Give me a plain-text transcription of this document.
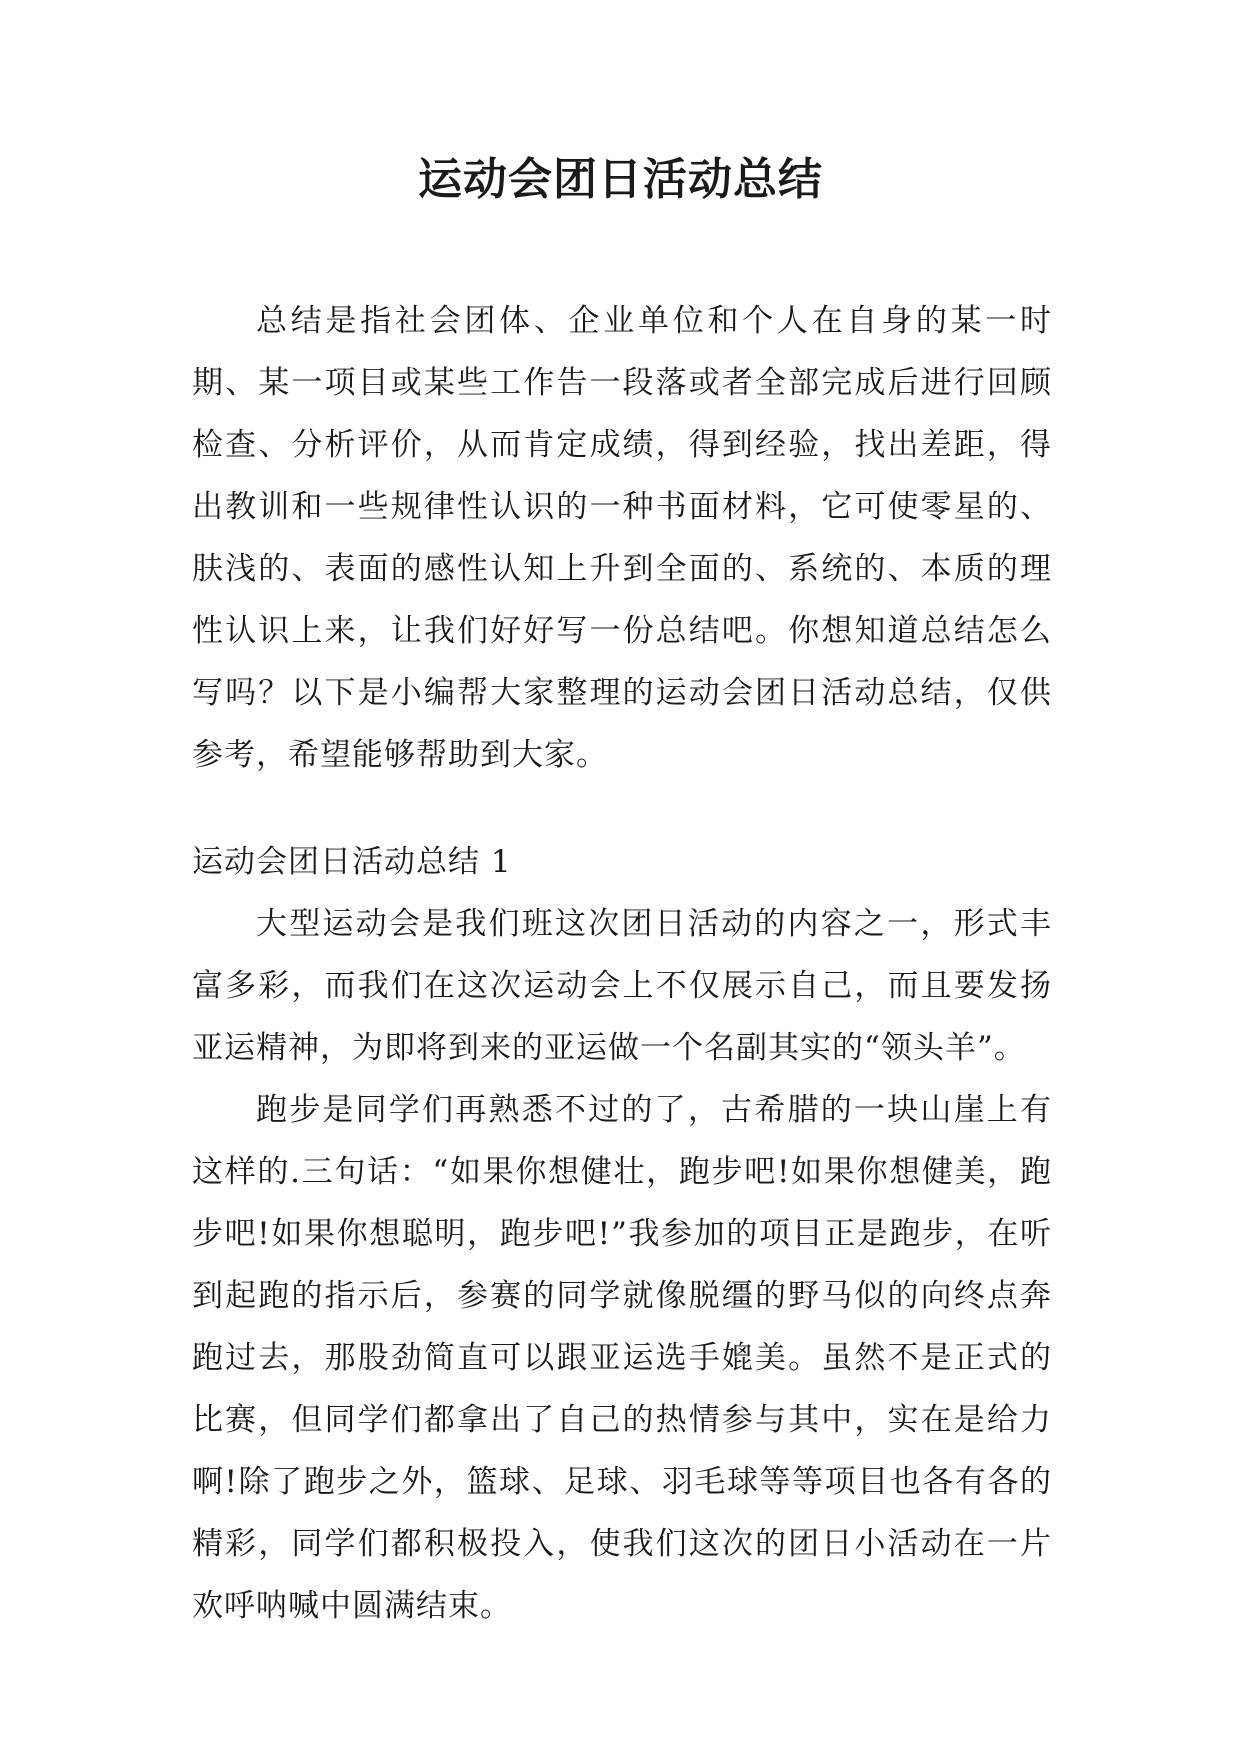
运动会团日活动总结

总结是指社会团体、企业单位和个人在自身的某一时期、某一项目或某些工作告一段落或者全部完成后进行回顾检查、分析评价，从而肯定成绩，得到经验，找出差距，得出教训和一些规律性认识的一种书面材料，它可使零星的、肤浅的、表面的感性认知上升到全面的、系统的、本质的理性认识上来，让我们好好写一份总结吧。你想知道总结怎么写吗？以下是小编帮大家整理的运动会团日活动总结，仅供参考，希望能够帮助到大家。

运动会团日活动总结 1

大型运动会是我们班这次团日活动的内容之一，形式丰富多彩，而我们在这次运动会上不仅展示自己，而且要发扬亚运精神，为即将到来的亚运做一个名副其实的“领头羊”。

跑步是同学们再熟悉不过的了，古希腊的一块山崖上有这样的.三句话：“如果你想健壮，跑步吧!如果你想健美，跑步吧!如果你想聪明，跑步吧!”我参加的项目正是跑步，在听到起跑的指示后，参赛的同学就像脱缰的野马似的向终点奔跑过去，那股劲简直可以跟亚运选手媲美。虽然不是正式的比赛，但同学们都拿出了自己的热情参与其中，实在是给力啊!除了跑步之外，篮球、足球、羽毛球等等项目也各有各的精彩，同学们都积极投入，使我们这次的团日小活动在一片欢呼呐喊中圆满结束。
